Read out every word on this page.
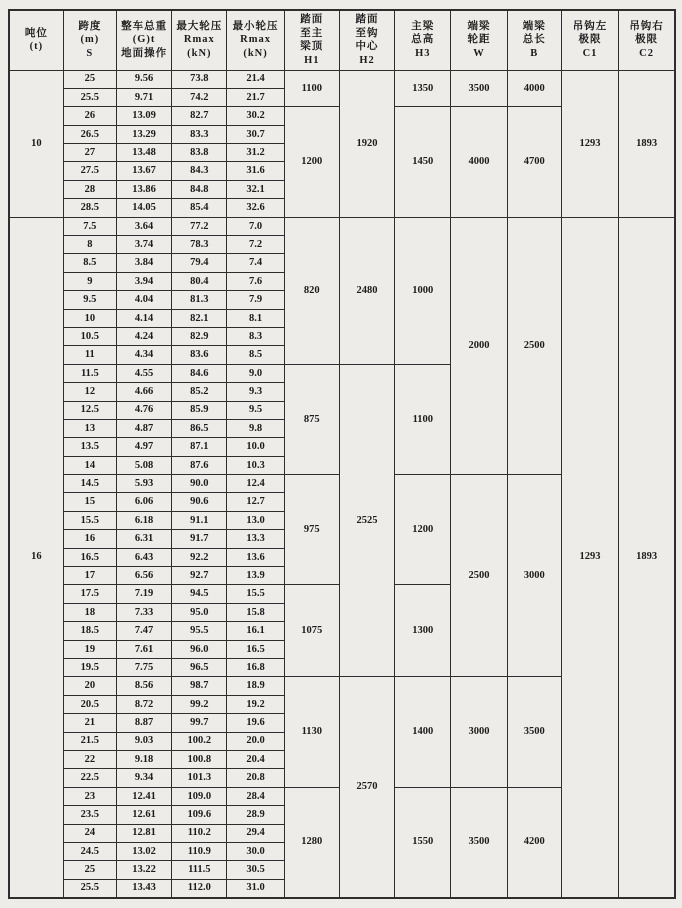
吨位
(t)	跨度
(m)
S	整车总重
(G)t
地面操作	最大轮压
Rmax
(kN)	最小轮压
Rmax
(kN)	踏面
至主
梁顶
H1	踏面
至钩
中心
H2	主梁
总高
H3	端梁
轮距
W	端梁
总长
B	吊钩左
极限
C1	吊钩右
极限
C2

10	25	9.56	73.8	21.4	1100	1920	1350	3500	4000	1293	1893
	25.5	9.71	74.2	21.7							
	26	13.09	82.7	30.2	1200		1450	4000	4700		
	26.5	13.29	83.3	30.7							
	27	13.48	83.8	31.2							
	27.5	13.67	84.3	31.6							
	28	13.86	84.8	32.1							
	28.5	14.05	85.4	32.6							
16	7.5	3.64	77.2	7.0	820	2480	1000	2000	2500	1293	1893
	8	3.74	78.3	7.2							
	8.5	3.84	79.4	7.4							
	9	3.94	80.4	7.6							
	9.5	4.04	81.3	7.9							
	10	4.14	82.1	8.1							
	10.5	4.24	82.9	8.3							
	11	4.34	83.6	8.5							
	11.5	4.55	84.6	9.0	875	2525	1100				
	12	4.66	85.2	9.3							
	12.5	4.76	85.9	9.5							
	13	4.87	86.5	9.8							
	13.5	4.97	87.1	10.0							
	14	5.08	87.6	10.3							
	14.5	5.93	90.0	12.4	975		1200	2500	3000		
	15	6.06	90.6	12.7							
	15.5	6.18	91.1	13.0							
	16	6.31	91.7	13.3							
	16.5	6.43	92.2	13.6							
	17	6.56	92.7	13.9							
	17.5	7.19	94.5	15.5	1075		1300				
	18	7.33	95.0	15.8							
	18.5	7.47	95.5	16.1							
	19	7.61	96.0	16.5							
	19.5	7.75	96.5	16.8							
	20	8.56	98.7	18.9	1130	2570	1400	3000	3500		
	20.5	8.72	99.2	19.2							
	21	8.87	99.7	19.6							
	21.5	9.03	100.2	20.0							
	22	9.18	100.8	20.4							
	22.5	9.34	101.3	20.8							
	23	12.41	109.0	28.4	1280		1550	3500	4200		
	23.5	12.61	109.6	28.9							
	24	12.81	110.2	29.4							
	24.5	13.02	110.9	30.0							
	25	13.22	111.5	30.5							
	25.5	13.43	112.0	31.0							
